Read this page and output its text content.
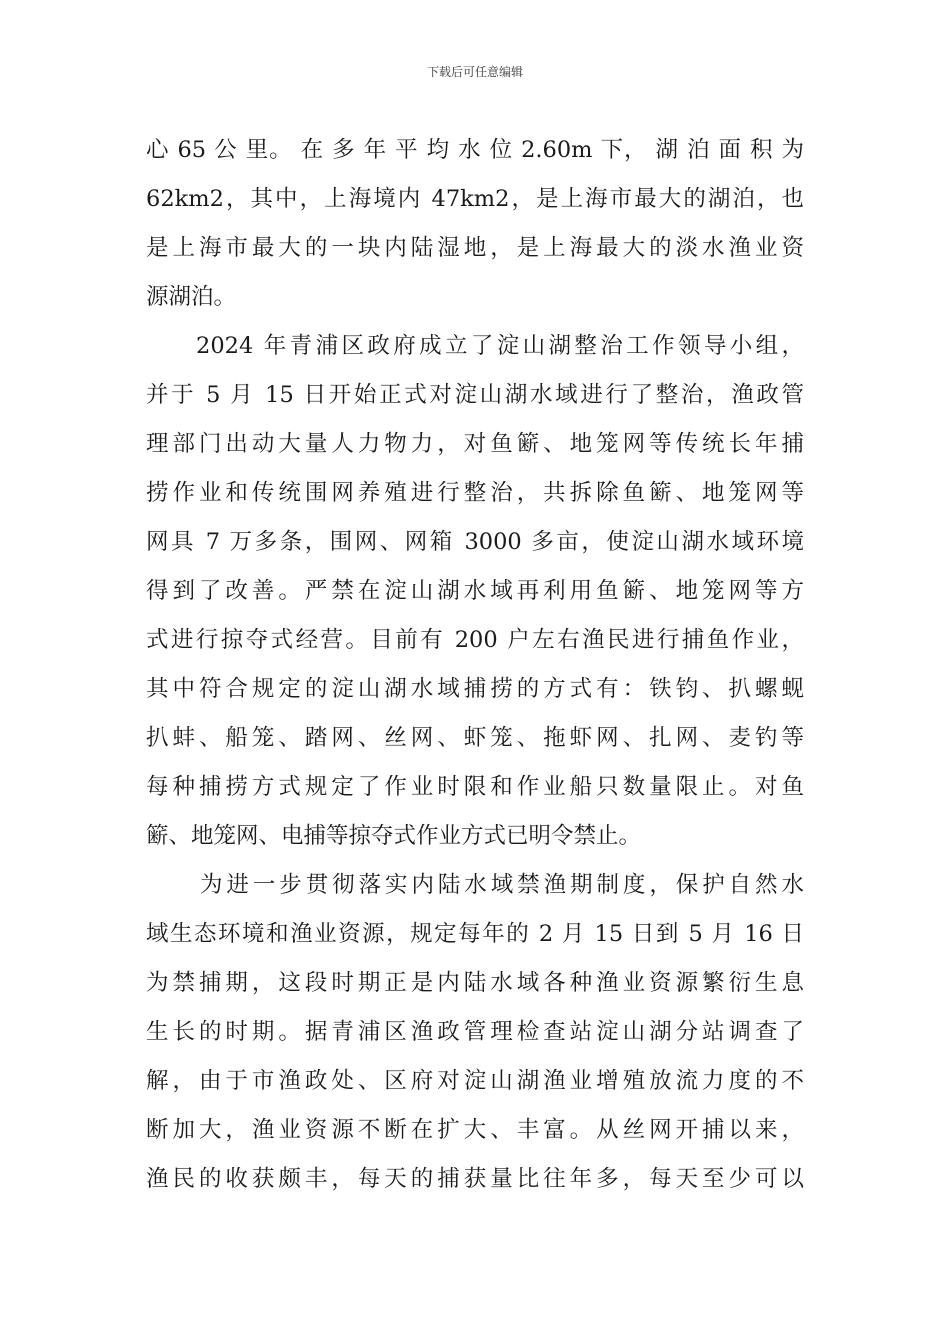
下载后可任意编辑
心 65 公 里。 在 多 年 平 均 水 位 2.60m 下， 湖 泊 面 积 为
62km2，其中，上海境内 47km2，是上海市最大的湖泊，也
是上海市最大的一块内陆湿地，是上海最大的淡水渔业资
源湖泊。
2024 年青浦区政府成立了淀山湖整治工作领导小组，
并于 5 月 15 日开始正式对淀山湖水域进行了整治，渔政管
理部门出动大量人力物力，对鱼簖、地笼网等传统长年捕
捞作业和传统围网养殖进行整治，共拆除鱼簖、地笼网等
网具 7 万多条，围网、网箱 3000 多亩，使淀山湖水域环境
得到了改善。严禁在淀山湖水域再利用鱼簖、地笼网等方
式进行掠夺式经营。目前有 200 户左右渔民进行捕鱼作业，
其中符合规定的淀山湖水域捕捞的方式有：铁钧、扒螺蚬
扒蚌、船笼、踏网、丝网、虾笼、拖虾网、扎网、麦钓等
每种捕捞方式规定了作业时限和作业船只数量限止。对鱼
簖、地笼网、电捕等掠夺式作业方式已明令禁止。
为进一步贯彻落实内陆水域禁渔期制度，保护自然水
域生态环境和渔业资源，规定每年的 2 月 15 日到 5 月 16 日
为禁捕期，这段时期正是内陆水域各种渔业资源繁衍生息
生长的时期。据青浦区渔政管理检查站淀山湖分站调查了
解，由于市渔政处、区府对淀山湖渔业增殖放流力度的不
断加大，渔业资源不断在扩大、丰富。从丝网开捕以来，
渔民的收获颇丰，每天的捕获量比往年多，每天至少可以
